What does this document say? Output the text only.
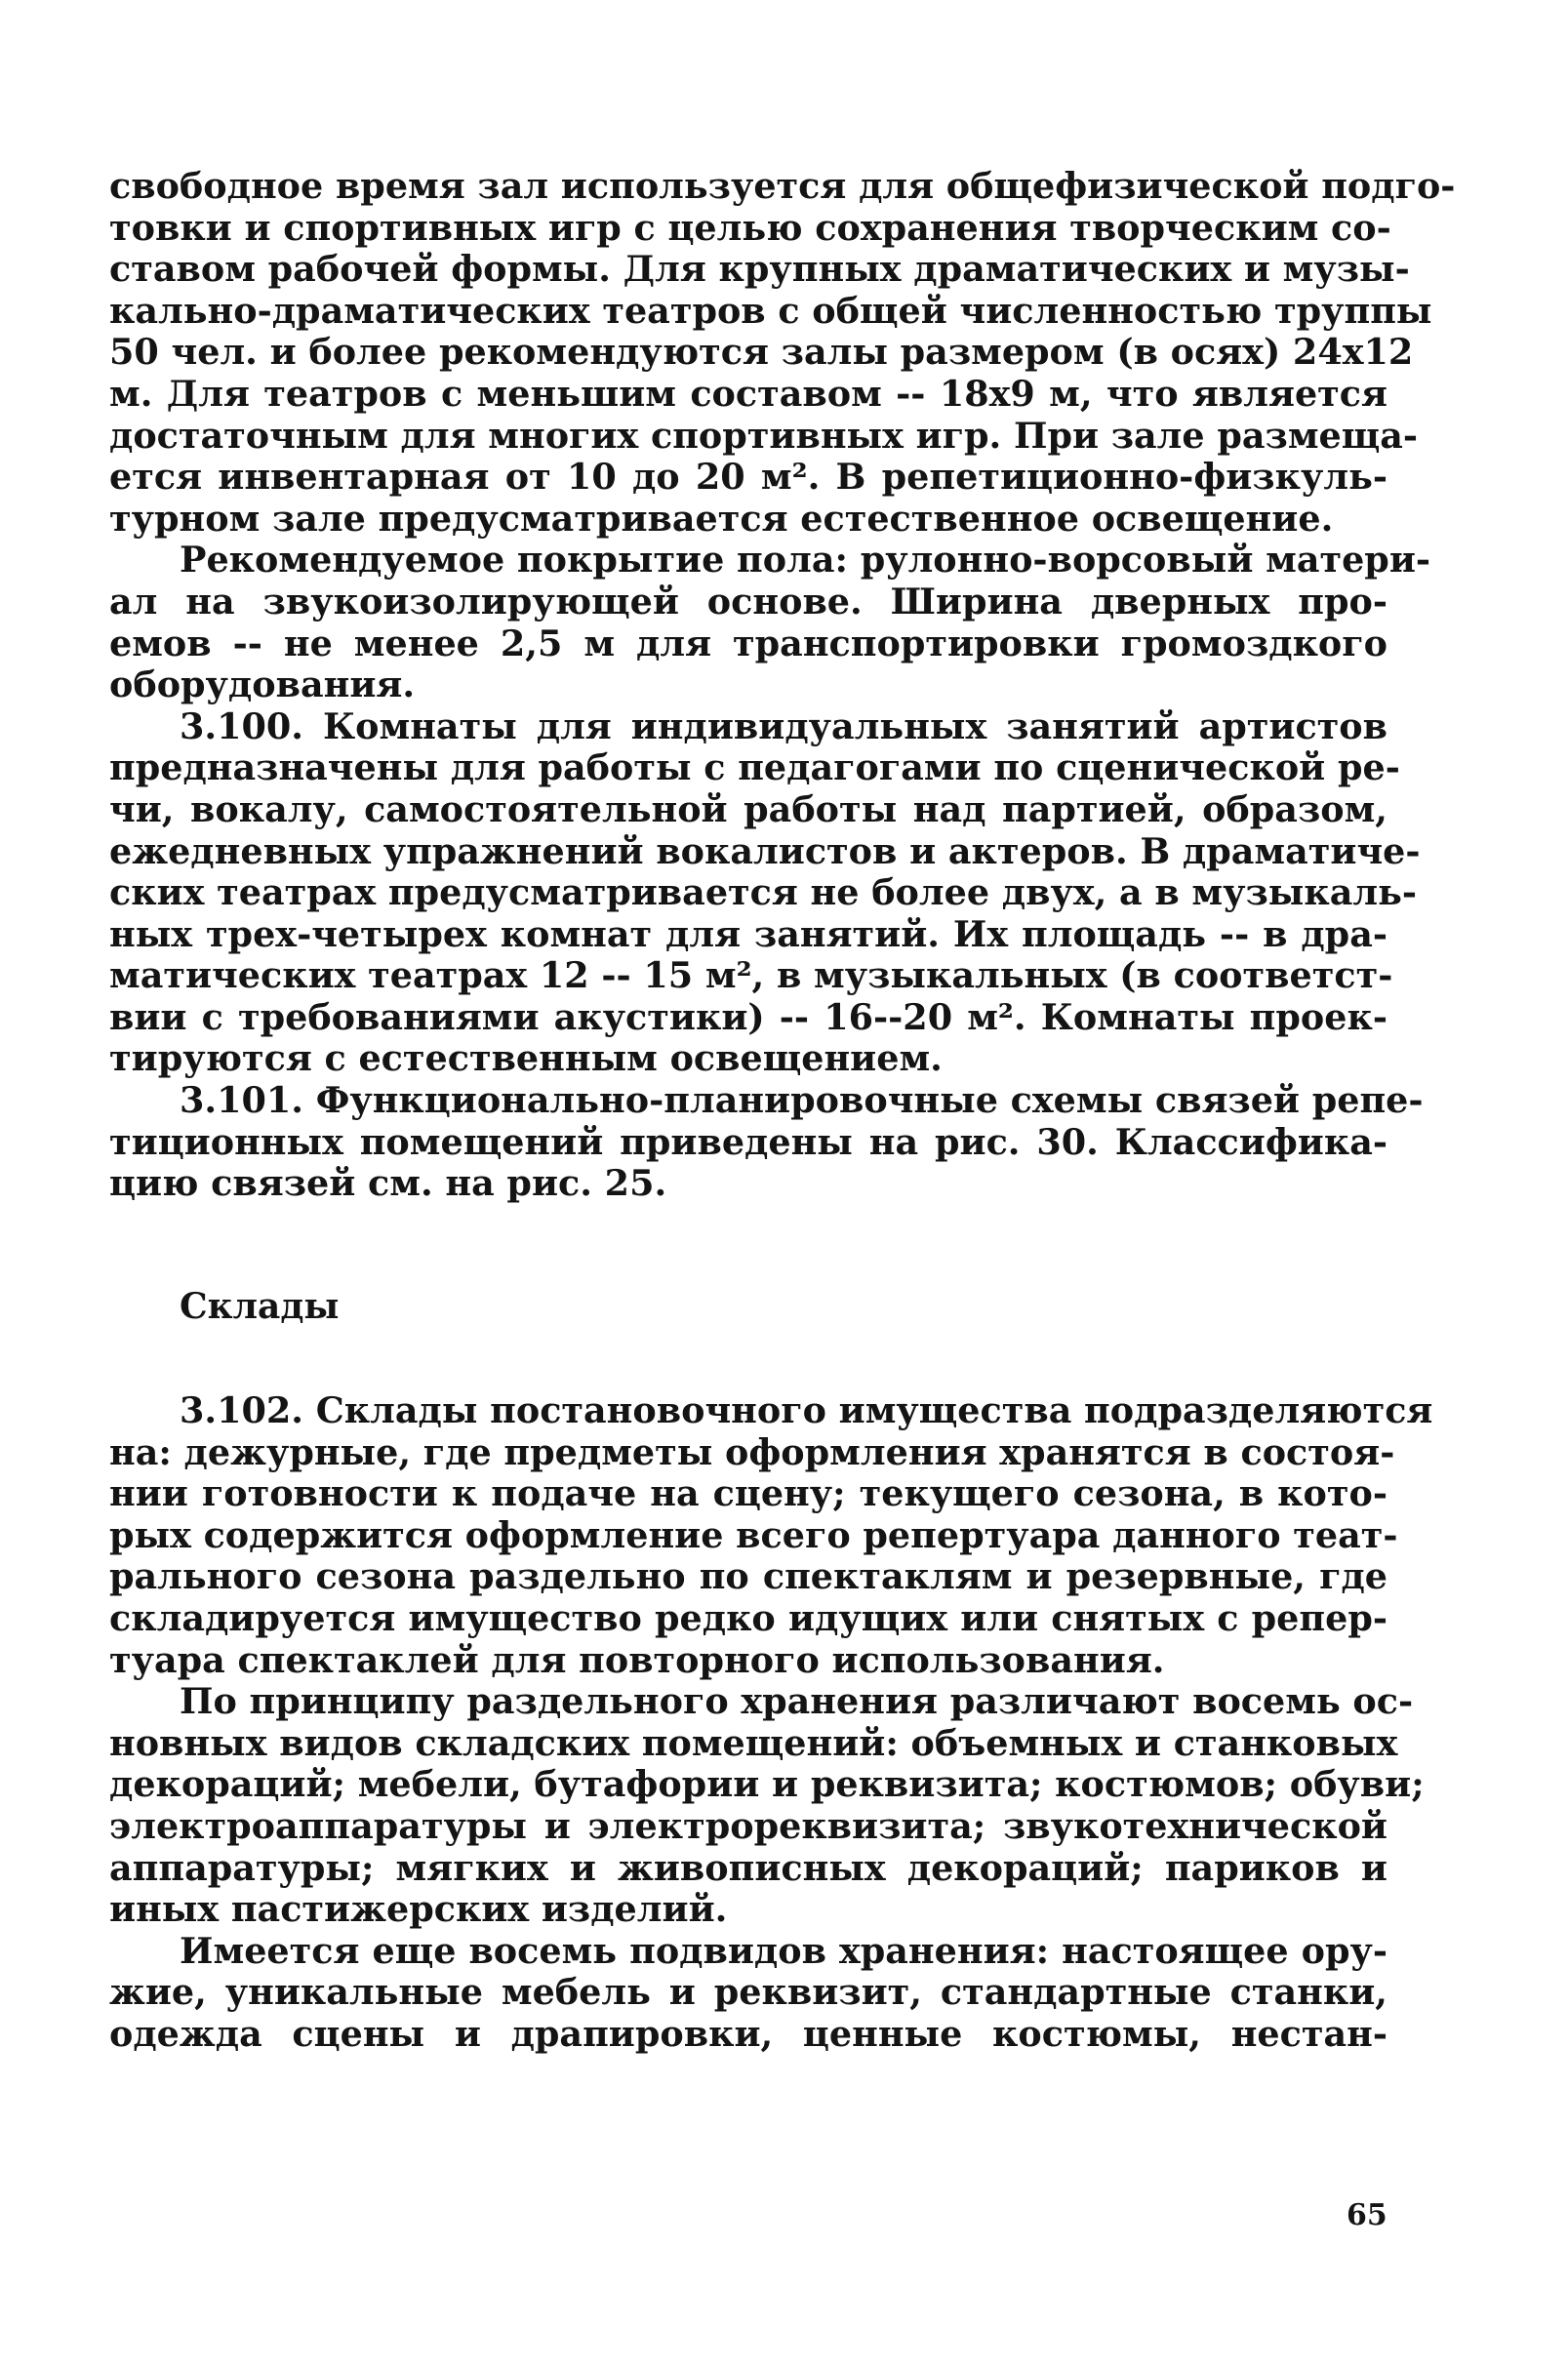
свободное время зал используется для общефизической подго-
товки и спортивных игр с целью сохранения творческим со-
ставом рабочей формы. Для крупных драматических и музы-
кально-драматических театров с общей численностью труппы
50 чел. и более рекомендуются залы размером (в осях) 24x12
м. Для театров с меньшим составом -- 18x9 м, что является
достаточным для многих спортивных игр. При зале размеща-
ется инвентарная от 10 до 20 м². В репетиционно-физкуль-
турном зале предусматривается естественное освещение.
Рекомендуемое покрытие пола: рулонно-ворсовый матери-
ал на звукоизолирующей основе. Ширина дверных про-
емов -- не менее 2,5 м для транспортировки громоздкого
оборудования.
3.100. Комнаты для индивидуальных занятий артистов
предназначены для работы с педагогами по сценической ре-
чи, вокалу, самостоятельной работы над партией, образом,
ежедневных упражнений вокалистов и актеров. В драматиче-
ских театрах предусматривается не более двух, а в музыкаль-
ных трех-четырех комнат для занятий. Их площадь -- в дра-
матических театрах 12 -- 15 м², в музыкальных (в соответст-
вии с требованиями акустики) -- 16--20 м². Комнаты проек-
тируются с естественным освещением.
3.101. Функционально-планировочные схемы связей репе-
тиционных помещений приведены на рис. 30. Классифика-
цию связей см. на рис. 25.
Склады
3.102. Склады постановочного имущества подразделяются
на: дежурные, где предметы оформления хранятся в состоя-
нии готовности к подаче на сцену; текущего сезона, в кото-
рых содержится оформление всего репертуара данного теат-
рального сезона раздельно по спектаклям и резервные, где
складируется имущество редко идущих или снятых с репер-
туара спектаклей для повторного использования.
По принципу раздельного хранения различают восемь ос-
новных видов складских помещений: объемных и станковых
декораций; мебели, бутафории и реквизита; костюмов; обуви;
электроаппаратуры и электрореквизита; звукотехнической
аппаратуры; мягких и живописных декораций; париков и
иных пастижерских изделий.
Имеется еще восемь подвидов хранения: настоящее ору-
жие, уникальные мебель и реквизит, стандартные станки,
одежда сцены и драпировки, ценные костюмы, нестан-
65
